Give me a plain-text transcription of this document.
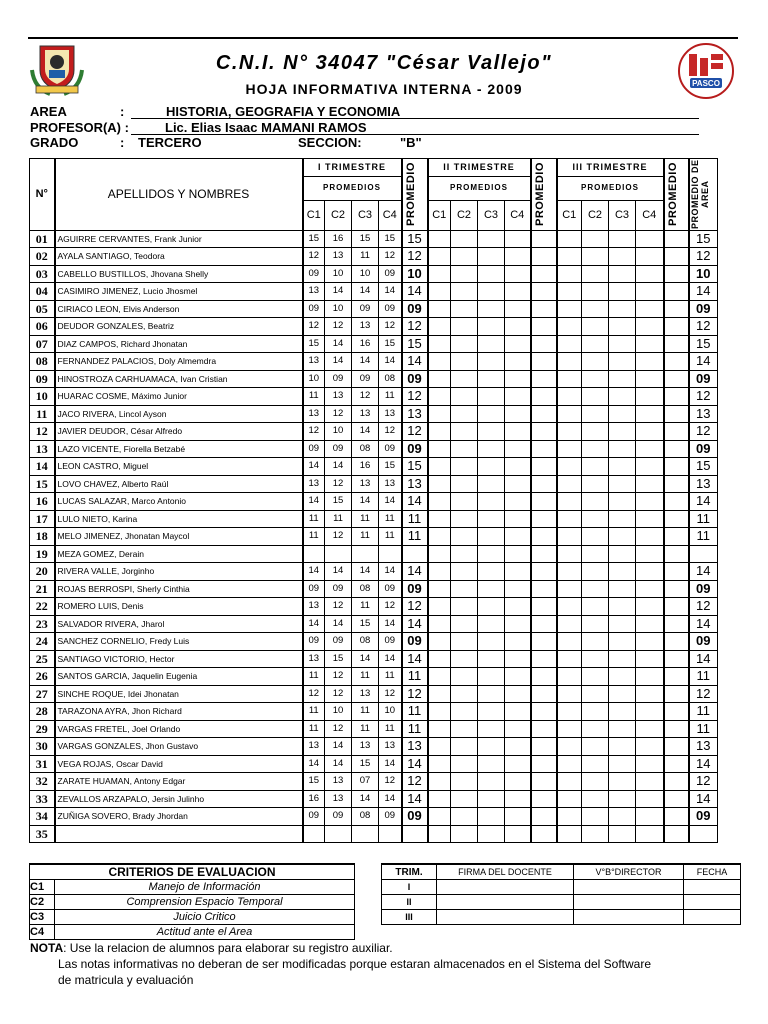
PASCO
C.N.I. N° 34047 "César Vallejo"
HOJA INFORMATIVA INTERNA - 2009
AREA	:	HISTORIA, GEOGRAFIA Y ECONOMIA
PROFESOR(A) :	Lic. Elias Isaac MAMANI RAMOS
GRADO	: TERCERO	SECCION:	"B"
N°	APELLIDOS Y NOMBRES	I TRIMESTRE				PROMEDIO	II TRIMESTRE				PROMEDIO	III TRIMESTRE				PROMEDIO	PROMEDIO DE AREA

		PROMEDIOS					PROMEDIOS					PROMEDIOS					
		C1	C2	C3	C4		C1	C2	C3	C4		C1	C2	C3	C4		
01	AGUIRRE CERVANTES, Frank Junior	15	16	15	15	15											15
02	AYALA SANTIAGO, Teodora	12	13	11	12	12											12
03	CABELLO BUSTILLOS, Jhovana Shelly	09	10	10	09	10											10
04	CASIMIRO JIMENEZ, Lucio Jhosmel	13	14	14	14	14											14
05	CIRIACO LEON, Elvis Anderson	09	10	09	09	09											09
06	DEUDOR GONZALES, Beatriz	12	12	13	12	12											12
07	DIAZ CAMPOS, Richard Jhonatan	15	14	16	15	15											15
08	FERNANDEZ PALACIOS, Doly Almemdra	13	14	14	14	14											14
09	HINOSTROZA CARHUAMACA, Ivan Cristian	10	09	09	08	09											09
10	HUARAC COSME, Máximo Junior	11	13	12	11	12											12
11	JACO RIVERA, Lincol Ayson	13	12	13	13	13											13
12	JAVIER DEUDOR, César Alfredo	12	10	14	12	12											12
13	LAZO VICENTE, Fiorella Betzabé	09	09	08	09	09											09
14	LEON CASTRO, Miguel	14	14	16	15	15											15
15	LOVO CHAVEZ, Alberto Raúl	13	12	13	13	13											13
16	LUCAS SALAZAR, Marco Antonio	14	15	14	14	14											14
17	LULO NIETO, Karina	11	11	11	11	11											11
18	MELO JIMENEZ, Jhonatan Maycol	11	12	11	11	11											11
19	MEZA GOMEZ, Derain																
20	RIVERA VALLE, Jorginho	14	14	14	14	14											14
21	ROJAS BERROSPI, Sherly Cinthia	09	09	08	09	09											09
22	ROMERO LUIS, Denis	13	12	11	12	12											12
23	SALVADOR RIVERA, Jharol	14	14	15	14	14											14
24	SANCHEZ CORNELIO, Fredy Luis	09	09	08	09	09											09
25	SANTIAGO VICTORIO, Hector	13	15	14	14	14											14
26	SANTOS GARCIA, Jaquelin Eugenia	11	12	11	11	11											11
27	SINCHE ROQUE, Idei Jhonatan	12	12	13	12	12											12
28	TARAZONA AYRA, Jhon Richard	11	10	11	10	11											11
29	VARGAS FRETEL, Joel Orlando	11	12	11	11	11											11
30	VARGAS GONZALES, Jhon Gustavo	13	14	13	13	13											13
31	VEGA ROJAS, Oscar David	14	14	15	14	14											14
32	ZARATE HUAMAN, Antony Edgar	15	13	07	12	12											12
33	ZEVALLOS ARZAPALO, Jersin Julinho	16	13	14	14	14											14
34	ZUÑIGA SOVERO, Brady Jhordan	09	09	08	09	09											09
35																	
CRITERIOS DE EVALUACION	
C1	Manejo de Información
C2	Comprension Espacio Temporal
C3	Juicio Critico
C4	Actitud ante el Area
TRIM.	FIRMA DEL DOCENTE	V°B°DIRECTOR	FECHA
I			
II			
III			
NOTA: Use la relacion de alumnos para elaborar su registro auxiliar.
Las notas informativas no deberan de ser modificadas porque estaran almacenados en el Sistema del Software
de matricula y evaluación
